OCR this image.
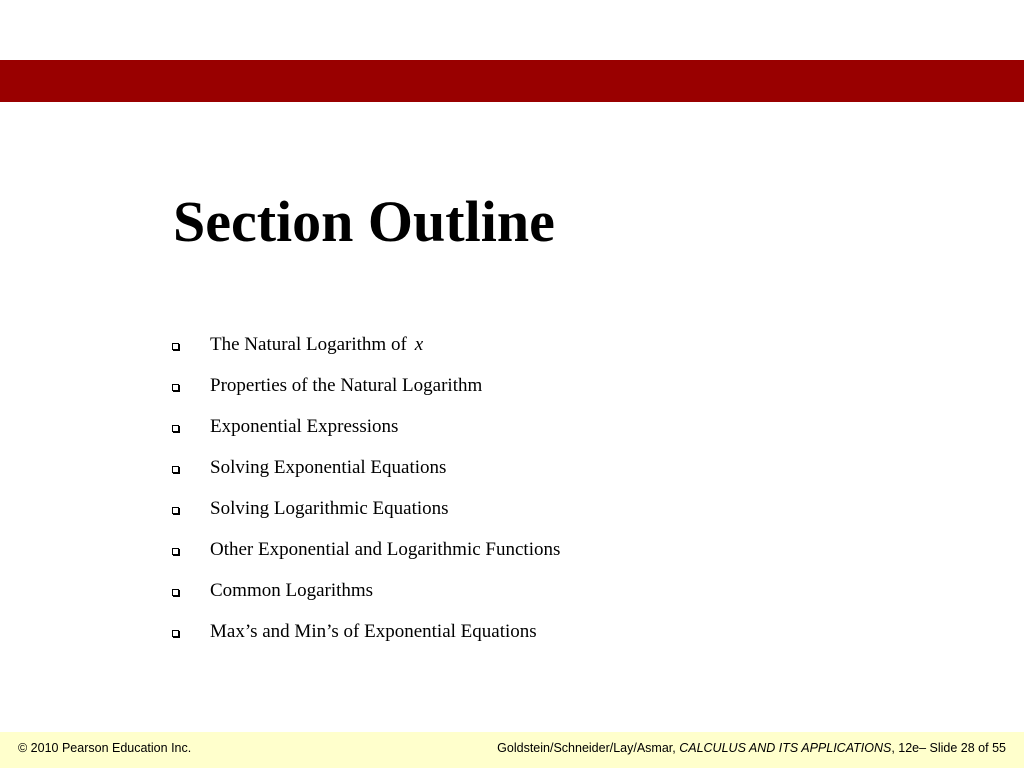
Section Outline
The Natural Logarithm of x
Properties of the Natural Logarithm
Exponential Expressions
Solving Exponential Equations
Solving Logarithmic Equations
Other Exponential and Logarithmic Functions
Common Logarithms
Max’s and Min’s of Exponential Equations
© 2010 Pearson Education Inc.	Goldstein/Schneider/Lay/Asmar, CALCULUS AND ITS APPLICATIONS, 12e– Slide 28 of 55
